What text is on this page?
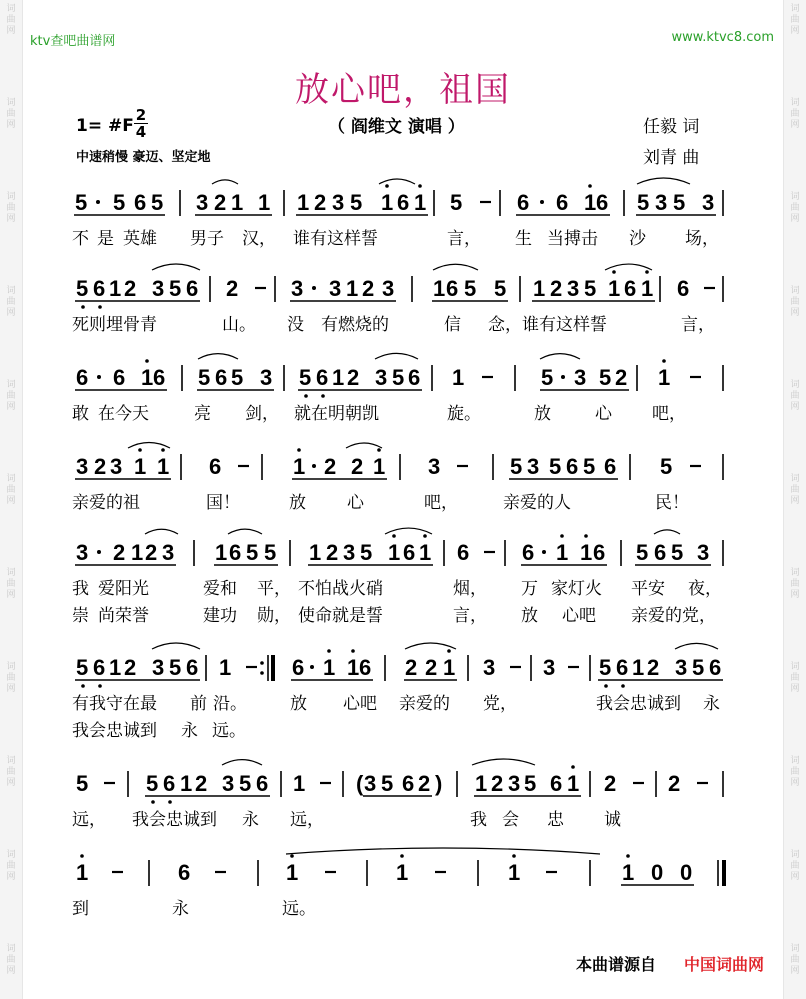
词
曲
网
词
曲
网
词
曲
网
词
曲
网
词
曲
网
词
曲
网
词
曲
网
词
曲
网
词
曲
网
词
曲
网
词
曲
网
词
曲
网
词
曲
网
词
曲
网
词
曲
网
词
曲
网
词
曲
网
词
曲
网
词
曲
网
词
曲
网
词
曲
网
词
曲
网
ktv查吧曲谱网	www.ktvc8.com
放心吧，祖国
1= #F
2
4
中速稍慢 豪迈、坚定地
（ 阎维文 演唱 ）	任毅 词
刘青 曲
5 5 6 5 3 2 1 1 1 2 3 5 1 6 1 5 6 6 1 6 5 3 5 3
不 是 英雄 男子 汉， 谁有这样誓	言， 生 当搏击 沙 场，
5 6 1 2 3 5 6 2 3 3 1 2 3 1 6 5 5 1 2 3 5 1 6 1 6
死则埋骨青	山。 没 有燃烧的	信 念，谁有这样誓	言，
6 6 1 6 5 6 5 3 5 6 1 2 3 5 6 1	5 3 5 2 1
敢 在今天	亮 剑， 就在明朝凯	旋。	放	心 吧，
3 2 3 1 1 6	1 2 2 1 3	5 3 5 6 5 6 5
亲爱的祖	国！	放 心	吧，	亲爱的人	民！
3 2 1 2 3 1 6 5 5 1 2 3 5 1 6 1 6 6 1 1 6 5 6 5 3
我 爱阳光	爱和 平， 不怕战火硝	烟， 万 家灯火 平安 夜，
崇 尚荣誉	建功 勋， 使命就是誓	言， 放 心吧 亲爱的党，
5 6 1 2 3 5 6 1	6 1 1 6 2 2 1 3 3 5 6 1 2 3 5 6
有我守在最 前 沿。	放 心吧 亲爱的 党，	我会忠诚到 永
我会忠诚到 永 远。
5	5 6 1 2 3 5 6 1 ( 3 5 6 2 ) 1 2 3 5 6 1 2 2
远， 我会忠诚到 永 远，	我 会 忠 诚
1	6	1	1	1	1 0 0
到	永	远。
本曲谱源自 中国词曲网
